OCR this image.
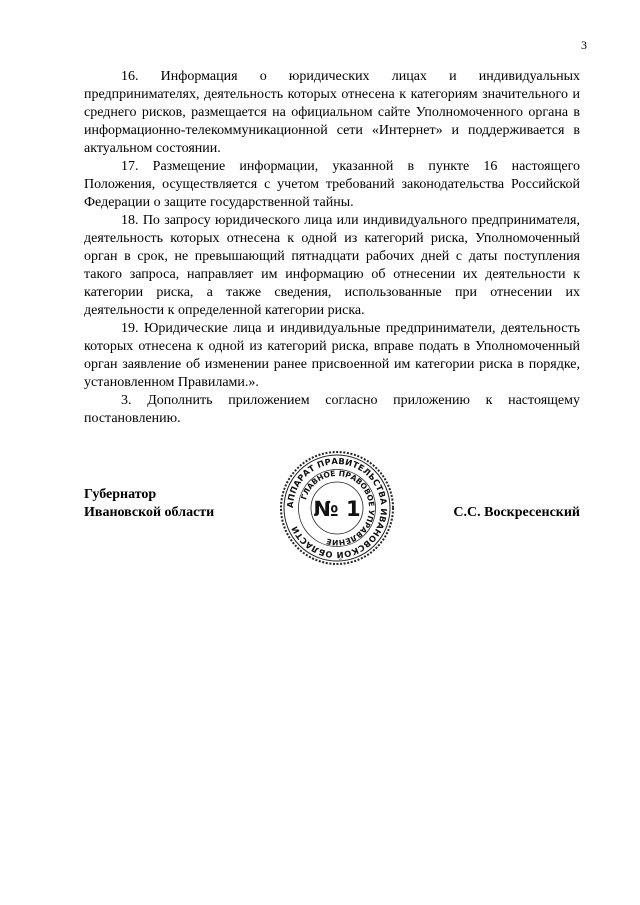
3

16. Информация о юридических лицах и индивидуальных предпринимателях, деятельность которых отнесена к категориям значительного и среднего рисков, размещается на официальном сайте Уполномоченного органа в информационно-телекоммуникационной сети «Интернет» и поддерживается в актуальном состоянии.

17. Размещение информации, указанной в пункте 16 настоящего Положения, осуществляется с учетом требований законодательства Российской Федерации о защите государственной тайны.

18. По запросу юридического лица или индивидуального предпринимателя, деятельность которых отнесена к одной из категорий риска, Уполномоченный орган в срок, не превышающий пятнадцати рабочих дней с даты поступления такого запроса, направляет им информацию об отнесении их деятельности к категории риска, а также сведения, использованные при отнесении их деятельности к определенной категории риска.

19. Юридические лица и индивидуальные предприниматели, деятельность которых отнесена к одной из категорий риска, вправе подать в Уполномоченный орган заявление об изменении ранее присвоенной им категории риска в порядке, установленном Правилами.».

3. Дополнить приложением согласно приложению к настоящему постановлению.

Губернатор
Ивановской области	С.С. Воскресенский
АППАРАТ ПРАВИТЕЛЬСТВА ИВАНОВСКОЙ ОБЛАСТИ
ГЛАВНОЕ ПРАВОВОЕ УПРАВЛЕНИЕ
№ 1
